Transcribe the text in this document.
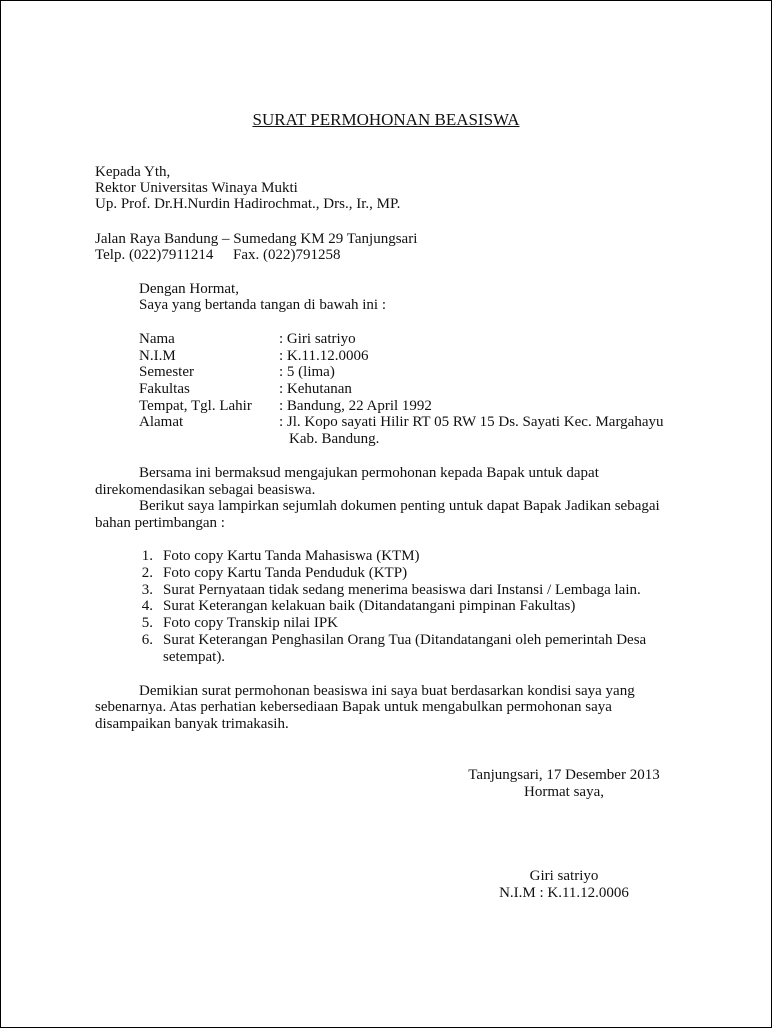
SURAT PERMOHONAN BEASISWA
Kepada Yth,
Rektor Universitas Winaya Mukti
Up. Prof. Dr.H.Nurdin Hadirochmat., Drs., Ir., MP.
Jalan Raya Bandung – Sumedang KM 29 Tanjungsari
Telp. (022)7911214 Fax. (022)791258
Dengan Hormat,
Saya yang bertanda tangan di bawah ini :
Nama	: Giri satriyo
N.I.M	: K.11.12.0006
Semester	: 5 (lima)
Fakultas	: Kehutanan
Tempat, Tgl. Lahir : Bandung, 22 April 1992
Alamat	: Jl. Kopo sayati Hilir RT 05 RW 15 Ds. Sayati Kec. Margahayu
Kab. Bandung.
Bersama ini bermaksud mengajukan permohonan kepada Bapak untuk dapat
direkomendasikan sebagai beasiswa.
Berikut saya lampirkan sejumlah dokumen penting untuk dapat Bapak Jadikan sebagai
bahan pertimbangan :
1. Foto copy Kartu Tanda Mahasiswa (KTM)
2. Foto copy Kartu Tanda Penduduk (KTP)
3. Surat Pernyataan tidak sedang menerima beasiswa dari Instansi / Lembaga lain.
4. Surat Keterangan kelakuan baik (Ditandatangani pimpinan Fakultas)
5. Foto copy Transkip nilai IPK
6. Surat Keterangan Penghasilan Orang Tua (Ditandatangani oleh pemerintah Desa
setempat).
Demikian surat permohonan beasiswa ini saya buat berdasarkan kondisi saya yang
sebenarnya. Atas perhatian kebersediaan Bapak untuk mengabulkan permohonan saya
disampaikan banyak trimakasih.
Tanjungsari, 17 Desember 2013
Hormat saya,
Giri satriyo
N.I.M : K.11.12.0006
